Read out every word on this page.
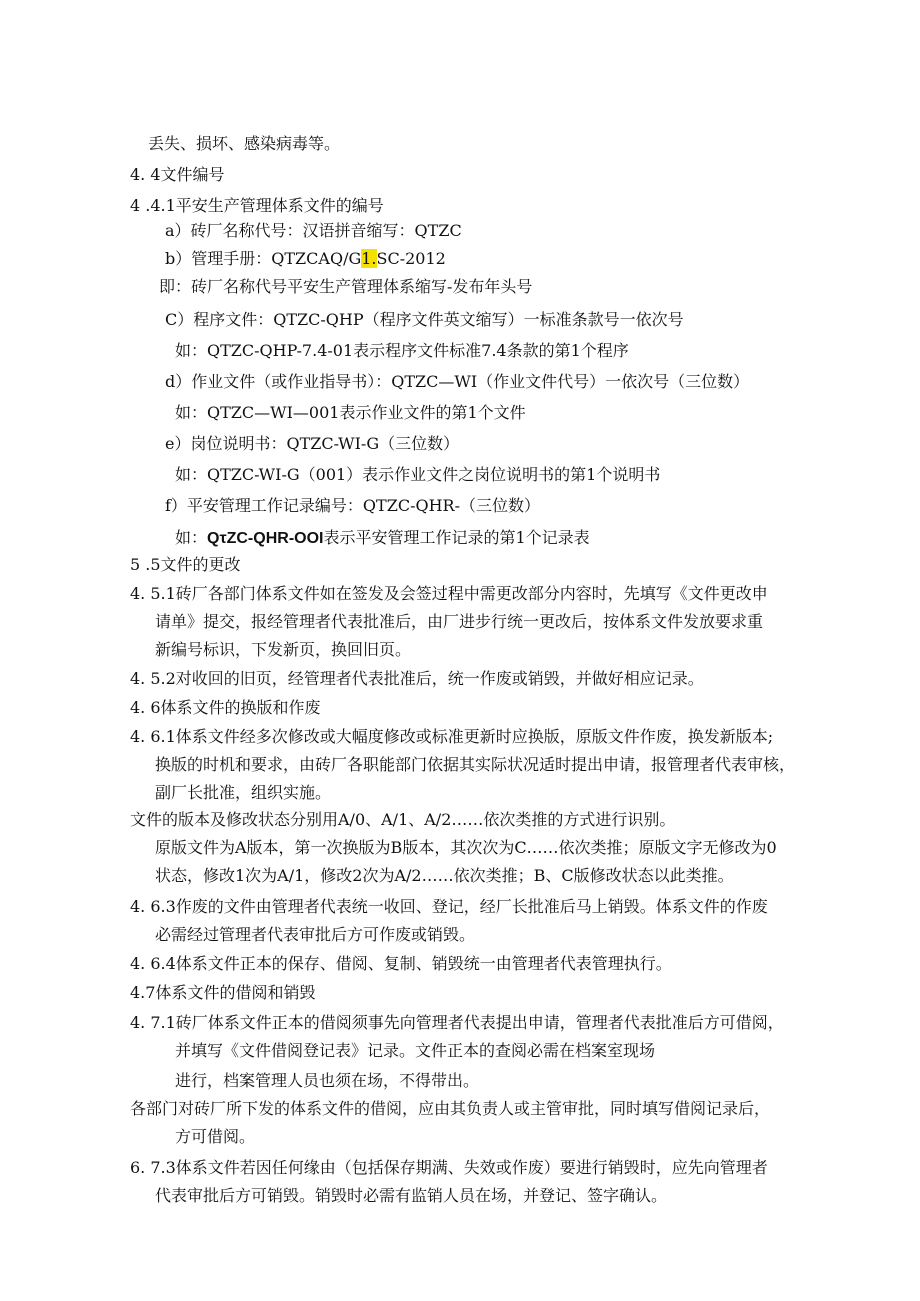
丢失、损坏、感染病毒等。
4. 4文件编号
4 .4.1平安生产管理体系文件的编号
a）砖厂名称代号：汉语拼音缩写：QTZC
b）管理手册：QTZCAQ/G1.SC-2012
即：砖厂名称代号平安生产管理体系缩写-发布年头号
C）程序文件：QTZC-QHP（程序文件英文缩写）一标准条款号一依次号
如：QTZC-QHP-7.4-01表示程序文件标准7.4条款的第1个程序
d）作业文件（或作业指导书）：QTZC—WI（作业文件代号）一依次号（三位数）
如：QTZC—WI—001表示作业文件的第1个文件
e）岗位说明书：QTZC-WI-G（三位数）
如：QTZC-WI-G（001）表示作业文件之岗位说明书的第1个说明书
f）平安管理工作记录编号：QTZC-QHR-（三位数）
如：QτZC-QHR-OOI表示平安管理工作记录的第1个记录表
5 .5文件的更改
4. 5.1砖厂各部门体系文件如在签发及会签过程中需更改部分内容时，先填写《文件更改申
请单》提交，报经管理者代表批准后，由厂进步行统一更改后，按体系文件发放要求重
新编号标识，下发新页，换回旧页。
4. 5.2对收回的旧页，经管理者代表批准后，统一作废或销毁，并做好相应记录。
4. 6体系文件的换版和作废
4. 6.1体系文件经多次修改或大幅度修改或标准更新时应换版，原版文件作废，换发新版本;
换版的时机和要求，由砖厂各职能部门依据其实际状况适时提出申请，报管理者代表审核，
副厂长批准，组织实施。
文件的版本及修改状态分别用A/0、A/1、A/2……依次类推的方式进行识别。
原版文件为A版本，第一次换版为B版本，其次次为C……依次类推；原版文字无修改为0
状态，修改1次为A/1，修改2次为A/2……依次类推；B、C版修改状态以此类推。
4. 6.3作废的文件由管理者代表统一收回、登记，经厂长批准后马上销毁。体系文件的作废
必需经过管理者代表审批后方可作废或销毁。
4. 6.4体系文件正本的保存、借阅、复制、销毁统一由管理者代表管理执行。
4.7体系文件的借阅和销毁
4. 7.1砖厂体系文件正本的借阅须事先向管理者代表提出申请，管理者代表批准后方可借阅，
并填写《文件借阅登记表》记录。文件正本的查阅必需在档案室现场
进行，档案管理人员也须在场，不得带出。
各部门对砖厂所下发的体系文件的借阅，应由其负责人或主管审批，同时填写借阅记录后，
方可借阅。
6. 7.3体系文件若因任何缘由（包括保存期满、失效或作废）要进行销毁时，应先向管理者
代表审批后方可销毁。销毁时必需有监销人员在场，并登记、签字确认。
